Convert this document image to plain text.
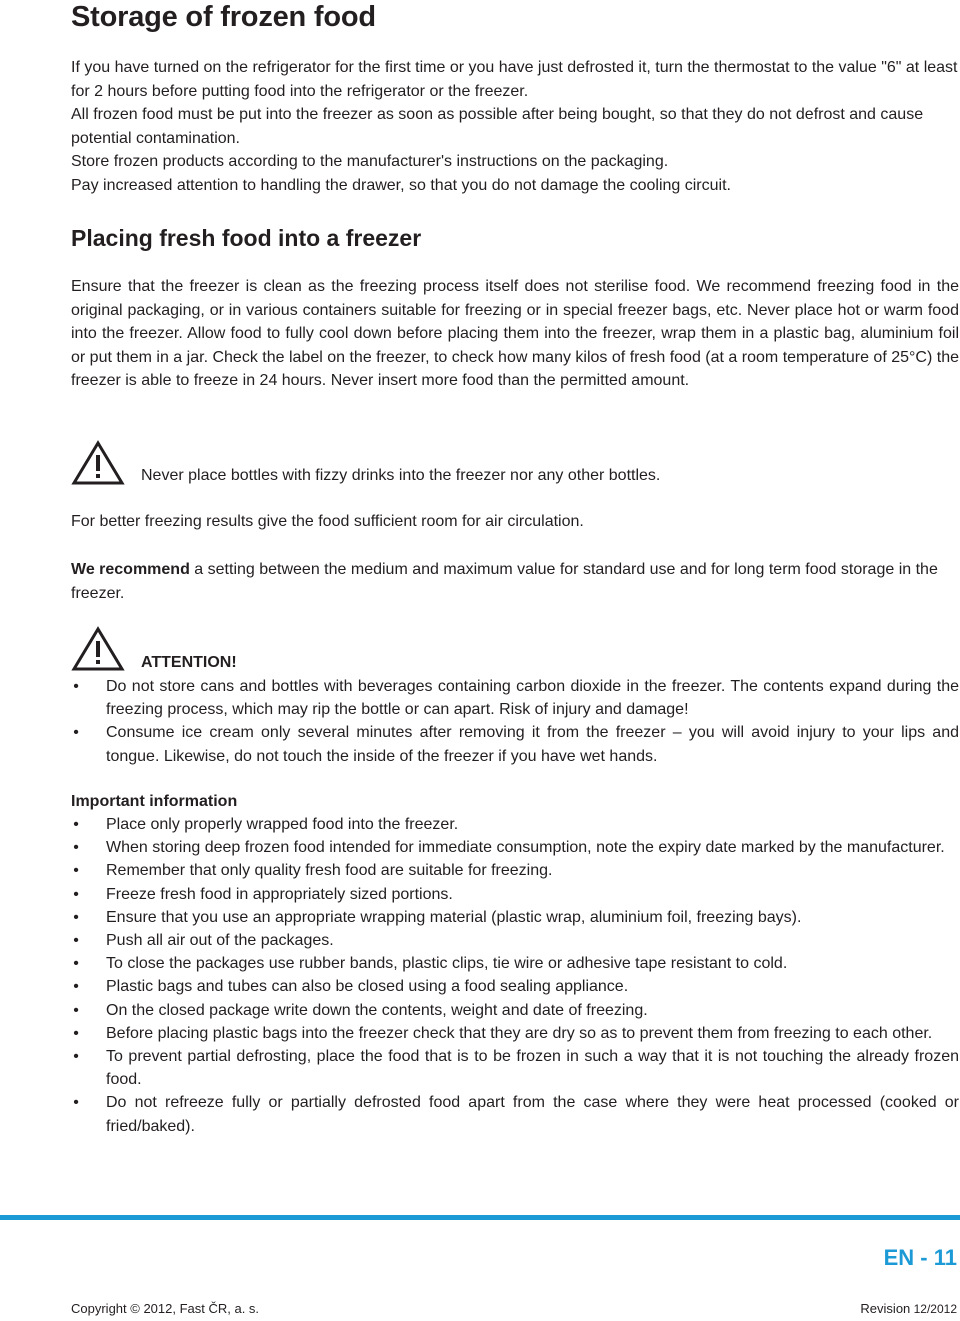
Storage of frozen food
If you have turned on the refrigerator for the first time or you have just defrosted it, turn the thermostat to the value "6" at least for 2 hours before putting food into the refrigerator or the freezer.
All frozen food must be put into the freezer as soon as possible after being bought, so that they do not defrost and cause potential contamination.
Store frozen products according to the manufacturer's instructions on the packaging.
Pay increased attention to handling the drawer, so that you do not damage the cooling circuit.
Placing fresh food into a freezer

Ensure that the freezer is clean as the freezing process itself does not sterilise food. We recommend freezing food in the original packaging, or in various containers suitable for freezing or in special freezer bags, etc. Never place hot or warm food into the freezer. Allow food to fully cool down before placing them into the freezer, wrap them in a plastic bag, aluminium foil or put them in a jar. Check the label on the freezer, to check how many kilos of fresh food (at a room temperature of 25°C) the freezer is able to freeze in 24 hours. Never insert more food than the permitted amount.

Never place bottles with fizzy drinks into the freezer nor any other bottles.

For better freezing results give the food sufficient room for air circulation.

We recommend a setting between the medium and maximum value for standard use and for long term food storage in the freezer.

ATTENTION!
• Do not store cans and bottles with beverages containing carbon dioxide in the freezer. The contents expand during the freezing process, which may rip the bottle or can apart. Risk of injury and damage!
• Consume ice cream only several minutes after removing it from the freezer – you will avoid injury to your lips and tongue. Likewise, do not touch the inside of the freezer if you have wet hands.

Important information

• Place only properly wrapped food into the freezer.
• When storing deep frozen food intended for immediate consumption, note the expiry date marked by the manufacturer.
• Remember that only quality fresh food are suitable for freezing.
• Freeze fresh food in appropriately sized portions.
• Ensure that you use an appropriate wrapping material (plastic wrap, aluminium foil, freezing bays).
• Push all air out of the packages.
• To close the packages use rubber bands, plastic clips, tie wire or adhesive tape resistant to cold.
• Plastic bags and tubes can also be closed using a food sealing appliance.
• On the closed package write down the contents, weight and date of freezing.
• Before placing plastic bags into the freezer check that they are dry so as to prevent them from freezing to each other.
• To prevent partial defrosting, place the food that is to be frozen in such a way that it is not touching the already frozen food.
• Do not refreeze fully or partially defrosted food apart from the case where they were heat processed (cooked or fried/baked).
EN - 11
Copyright © 2012, Fast ČR, a. s.	Revision 12/2012
